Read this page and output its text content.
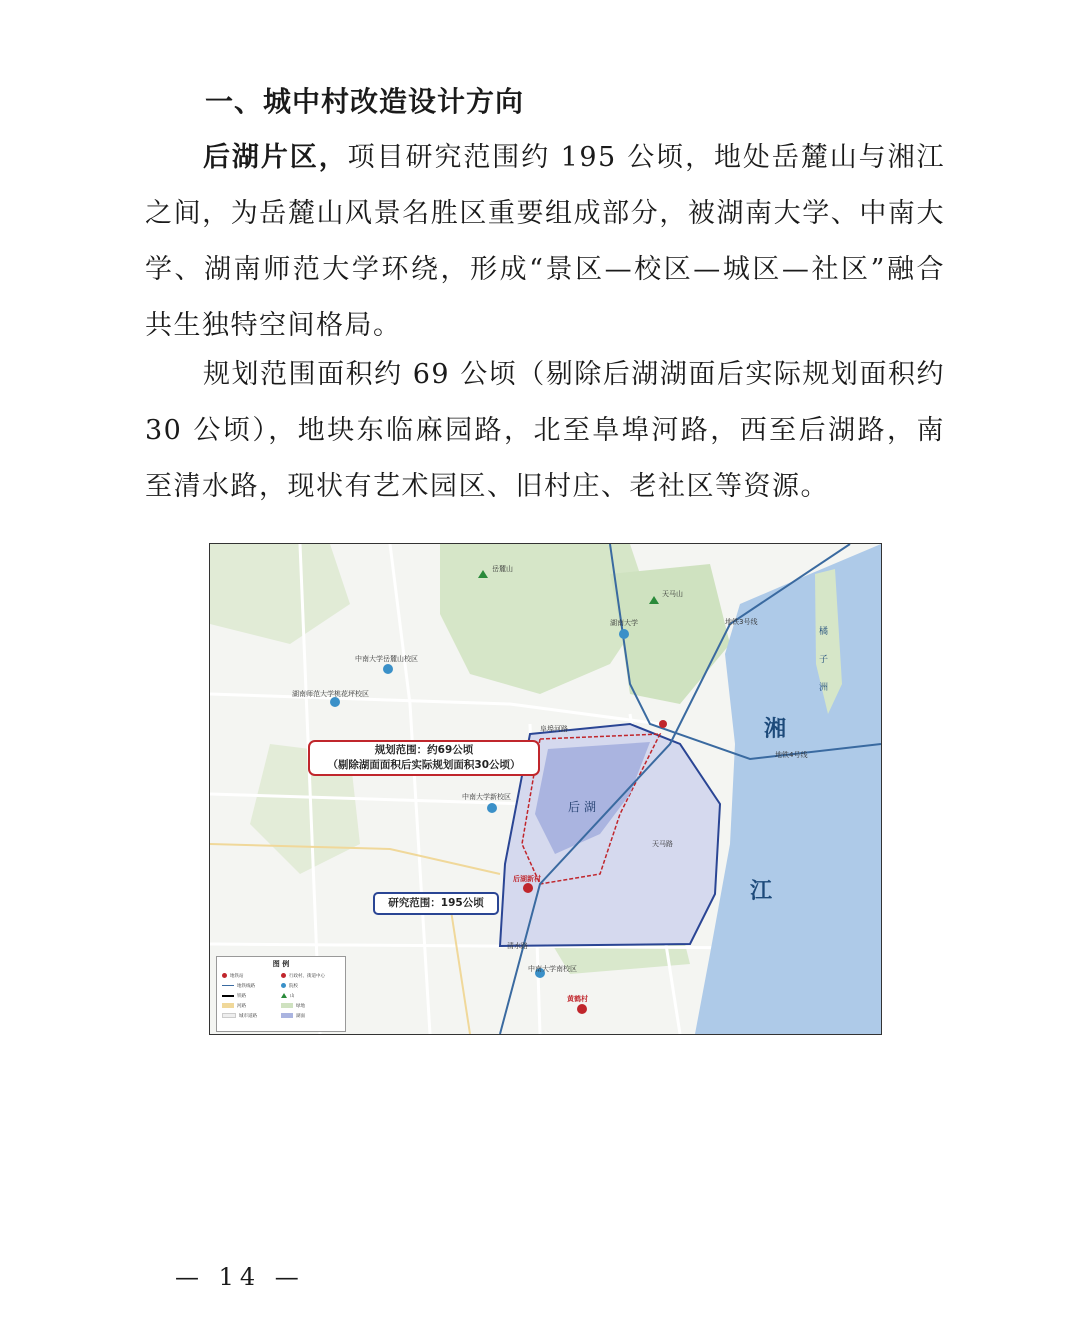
一、城中村改造设计方向
后湖片区，项目研究范围约 195 公顷，地处岳麓山与湘江之间，为岳麓山风景名胜区重要组成部分，被湖南大学、中南大学、湖南师范大学环绕，形成“景区—校区—城区—社区”融合共生独特空间格局。
规划范围面积约 69 公顷（剔除后湖湖面后实际规划面积约 30 公顷），地块东临麻园路，北至阜埠河路，西至后湖路，南至清水路，现状有艺术园区、旧村庄、老社区等资源。
岳麓山
天马山
湖南大学
中南大学岳麓山校区
湖南师范大学桃花坪校区
中南大学新校区
中南大学南校区
后湖新村
黄鹤村
后湖
湘
江
橘
子
洲
地铁4号线
地铁3号线
清水路
天马路
阜埠河路
规划范围：约69公顷
（剔除湖面面积后实际规划面积30公顷）
研究范围：195公顷
图 例
地铁站	行政村、街道中心
地铁线路	院校
铁路	山
河路	绿地
城市道路	湖面
— 14 —
